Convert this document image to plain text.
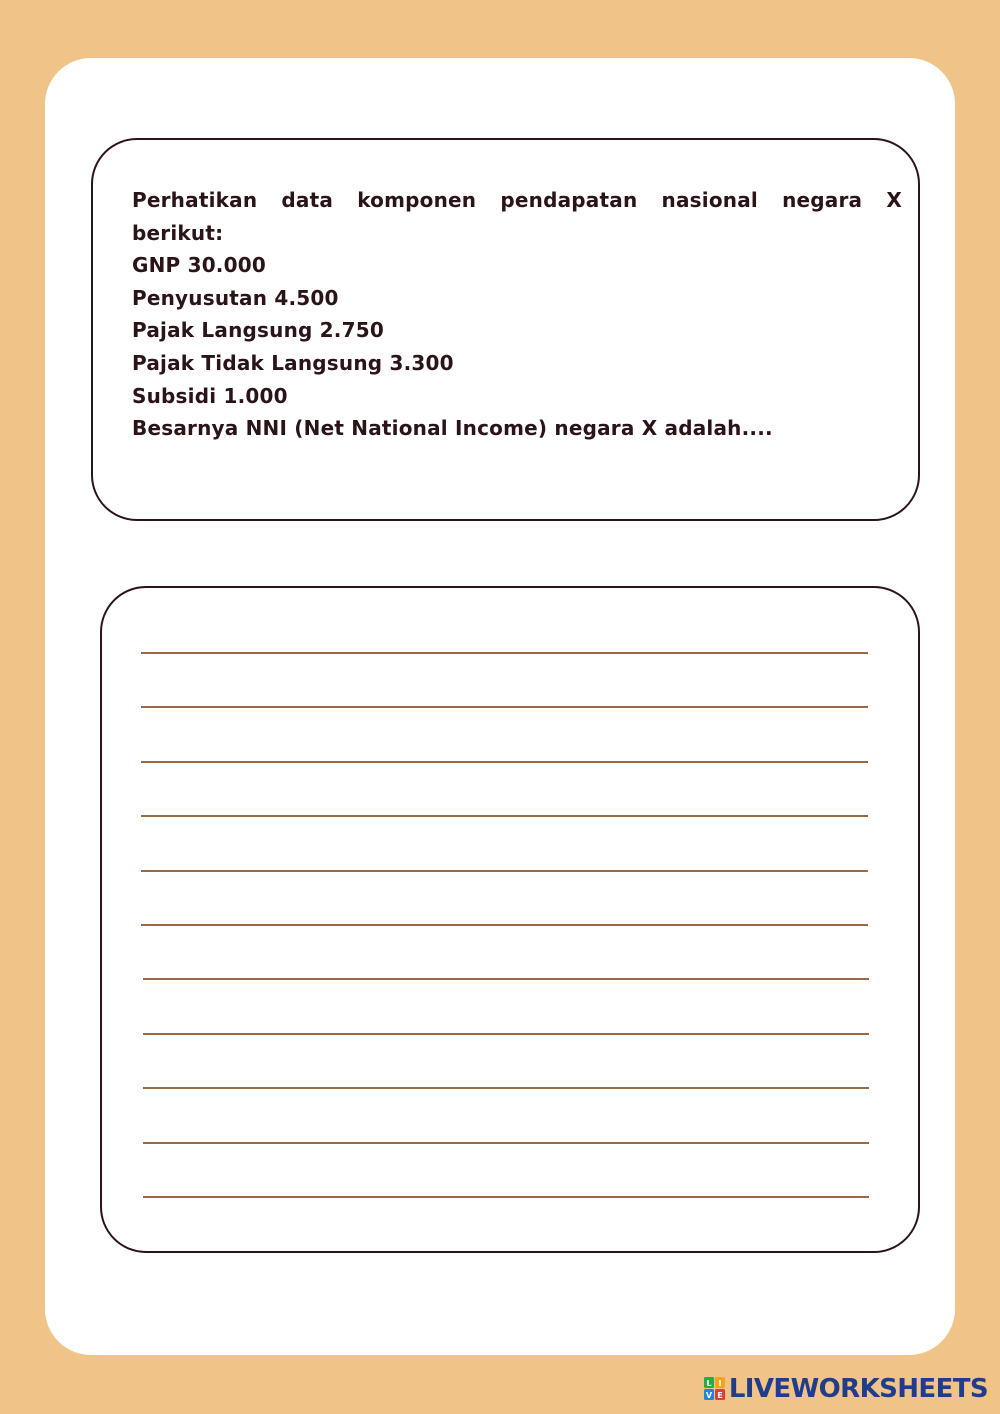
Perhatikan data komponen pendapatan nasional negara X
berikut:
GNP 30.000
Penyusutan 4.500
Pajak Langsung 2.750
Pajak Tidak Langsung 3.300
Subsidi 1.000
Besarnya NNI (Net National Income) negara X adalah....
L I
V E LIVEWORKSHEETS
